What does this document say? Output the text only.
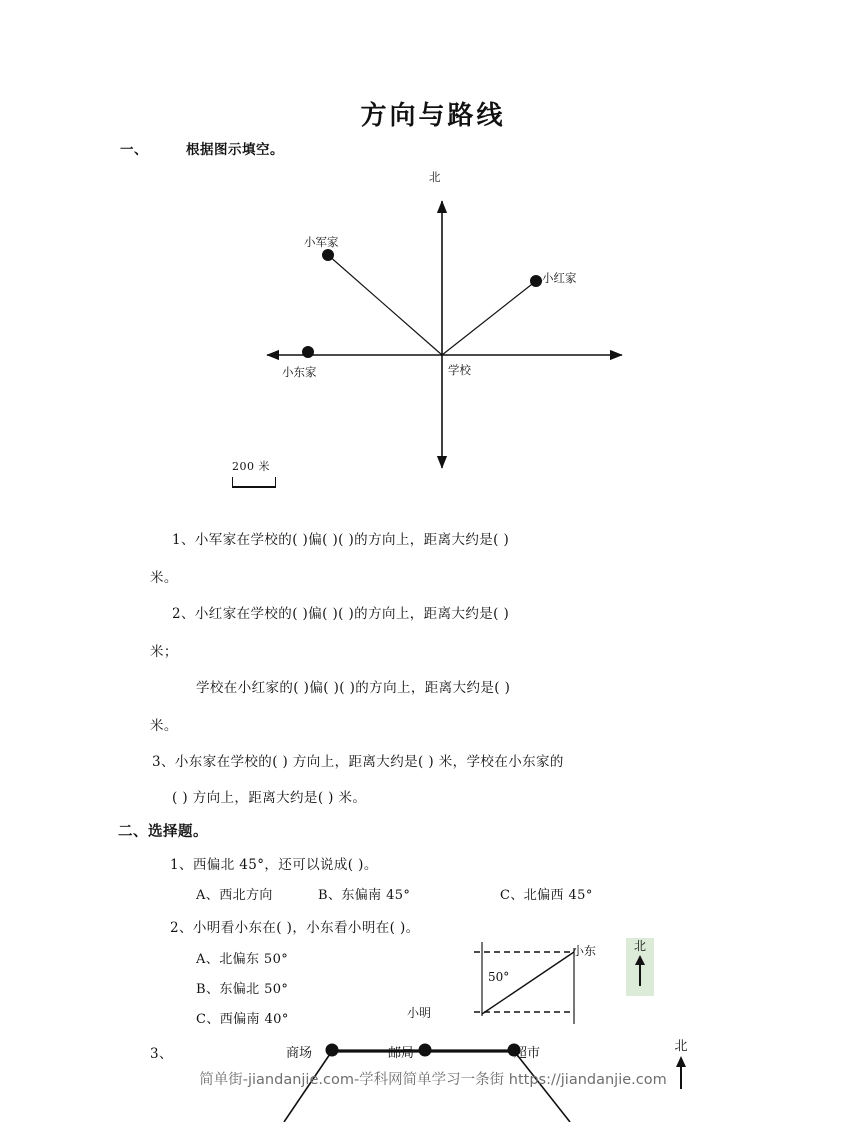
方向与路线
一、	根据图示填空。
北
小军家
小红家
小东家	学校
200 米
1、小军家在学校的( )偏( )( )的方向上，距离大约是( )
米。
2、小红家在学校的( )偏( )( )的方向上，距离大约是( )
米；
学校在小红家的( )偏( )( )的方向上，距离大约是( )
米。
3、小东家在学校的( ) 方向上，距离大约是( ) 米，学校在小东家的
( ) 方向上，距离大约是( ) 米。
二、选择题。
1、西偏北 45°，还可以说成( )。
A、西北方向	B、东偏南 45°	C、北偏西 45°
2、小明看小东在( )，小东看小明在( )。
A、北偏东 50°
B、东偏北 50°
C、西偏南 40°
50°
小东
小明
北
3、	商场	邮局	超市	北
简单街-jiandanjie.com-学科网简单学习一条街 https://jiandanjie.com
